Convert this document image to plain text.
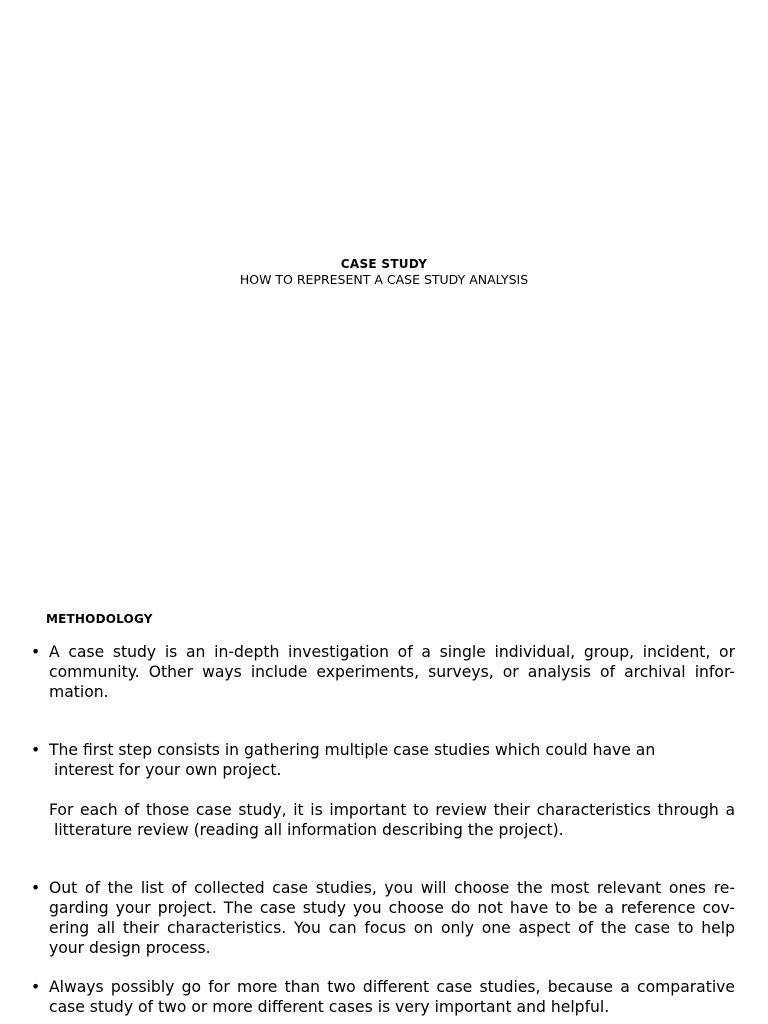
CASE STUDY
HOW TO REPRESENT A CASE STUDY ANALYSIS
METHODOLOGY
• A case study is an in-depth investigation of a single individual, group, incident, or
community. Other ways include experiments, surveys, or analysis of archival infor-
mation.
• The first step consists in gathering multiple case studies which could have an
interest for your own project.
For each of those case study, it is important to review their characteristics through a
litterature review (reading all information describing the project).
• Out of the list of collected case studies, you will choose the most relevant ones re-
garding your project. The case study you choose do not have to be a reference cov-
ering all their characteristics. You can focus on only one aspect of the case to help
your design process.
• Always possibly go for more than two different case studies, because a comparative
case study of two or more different cases is very important and helpful.
